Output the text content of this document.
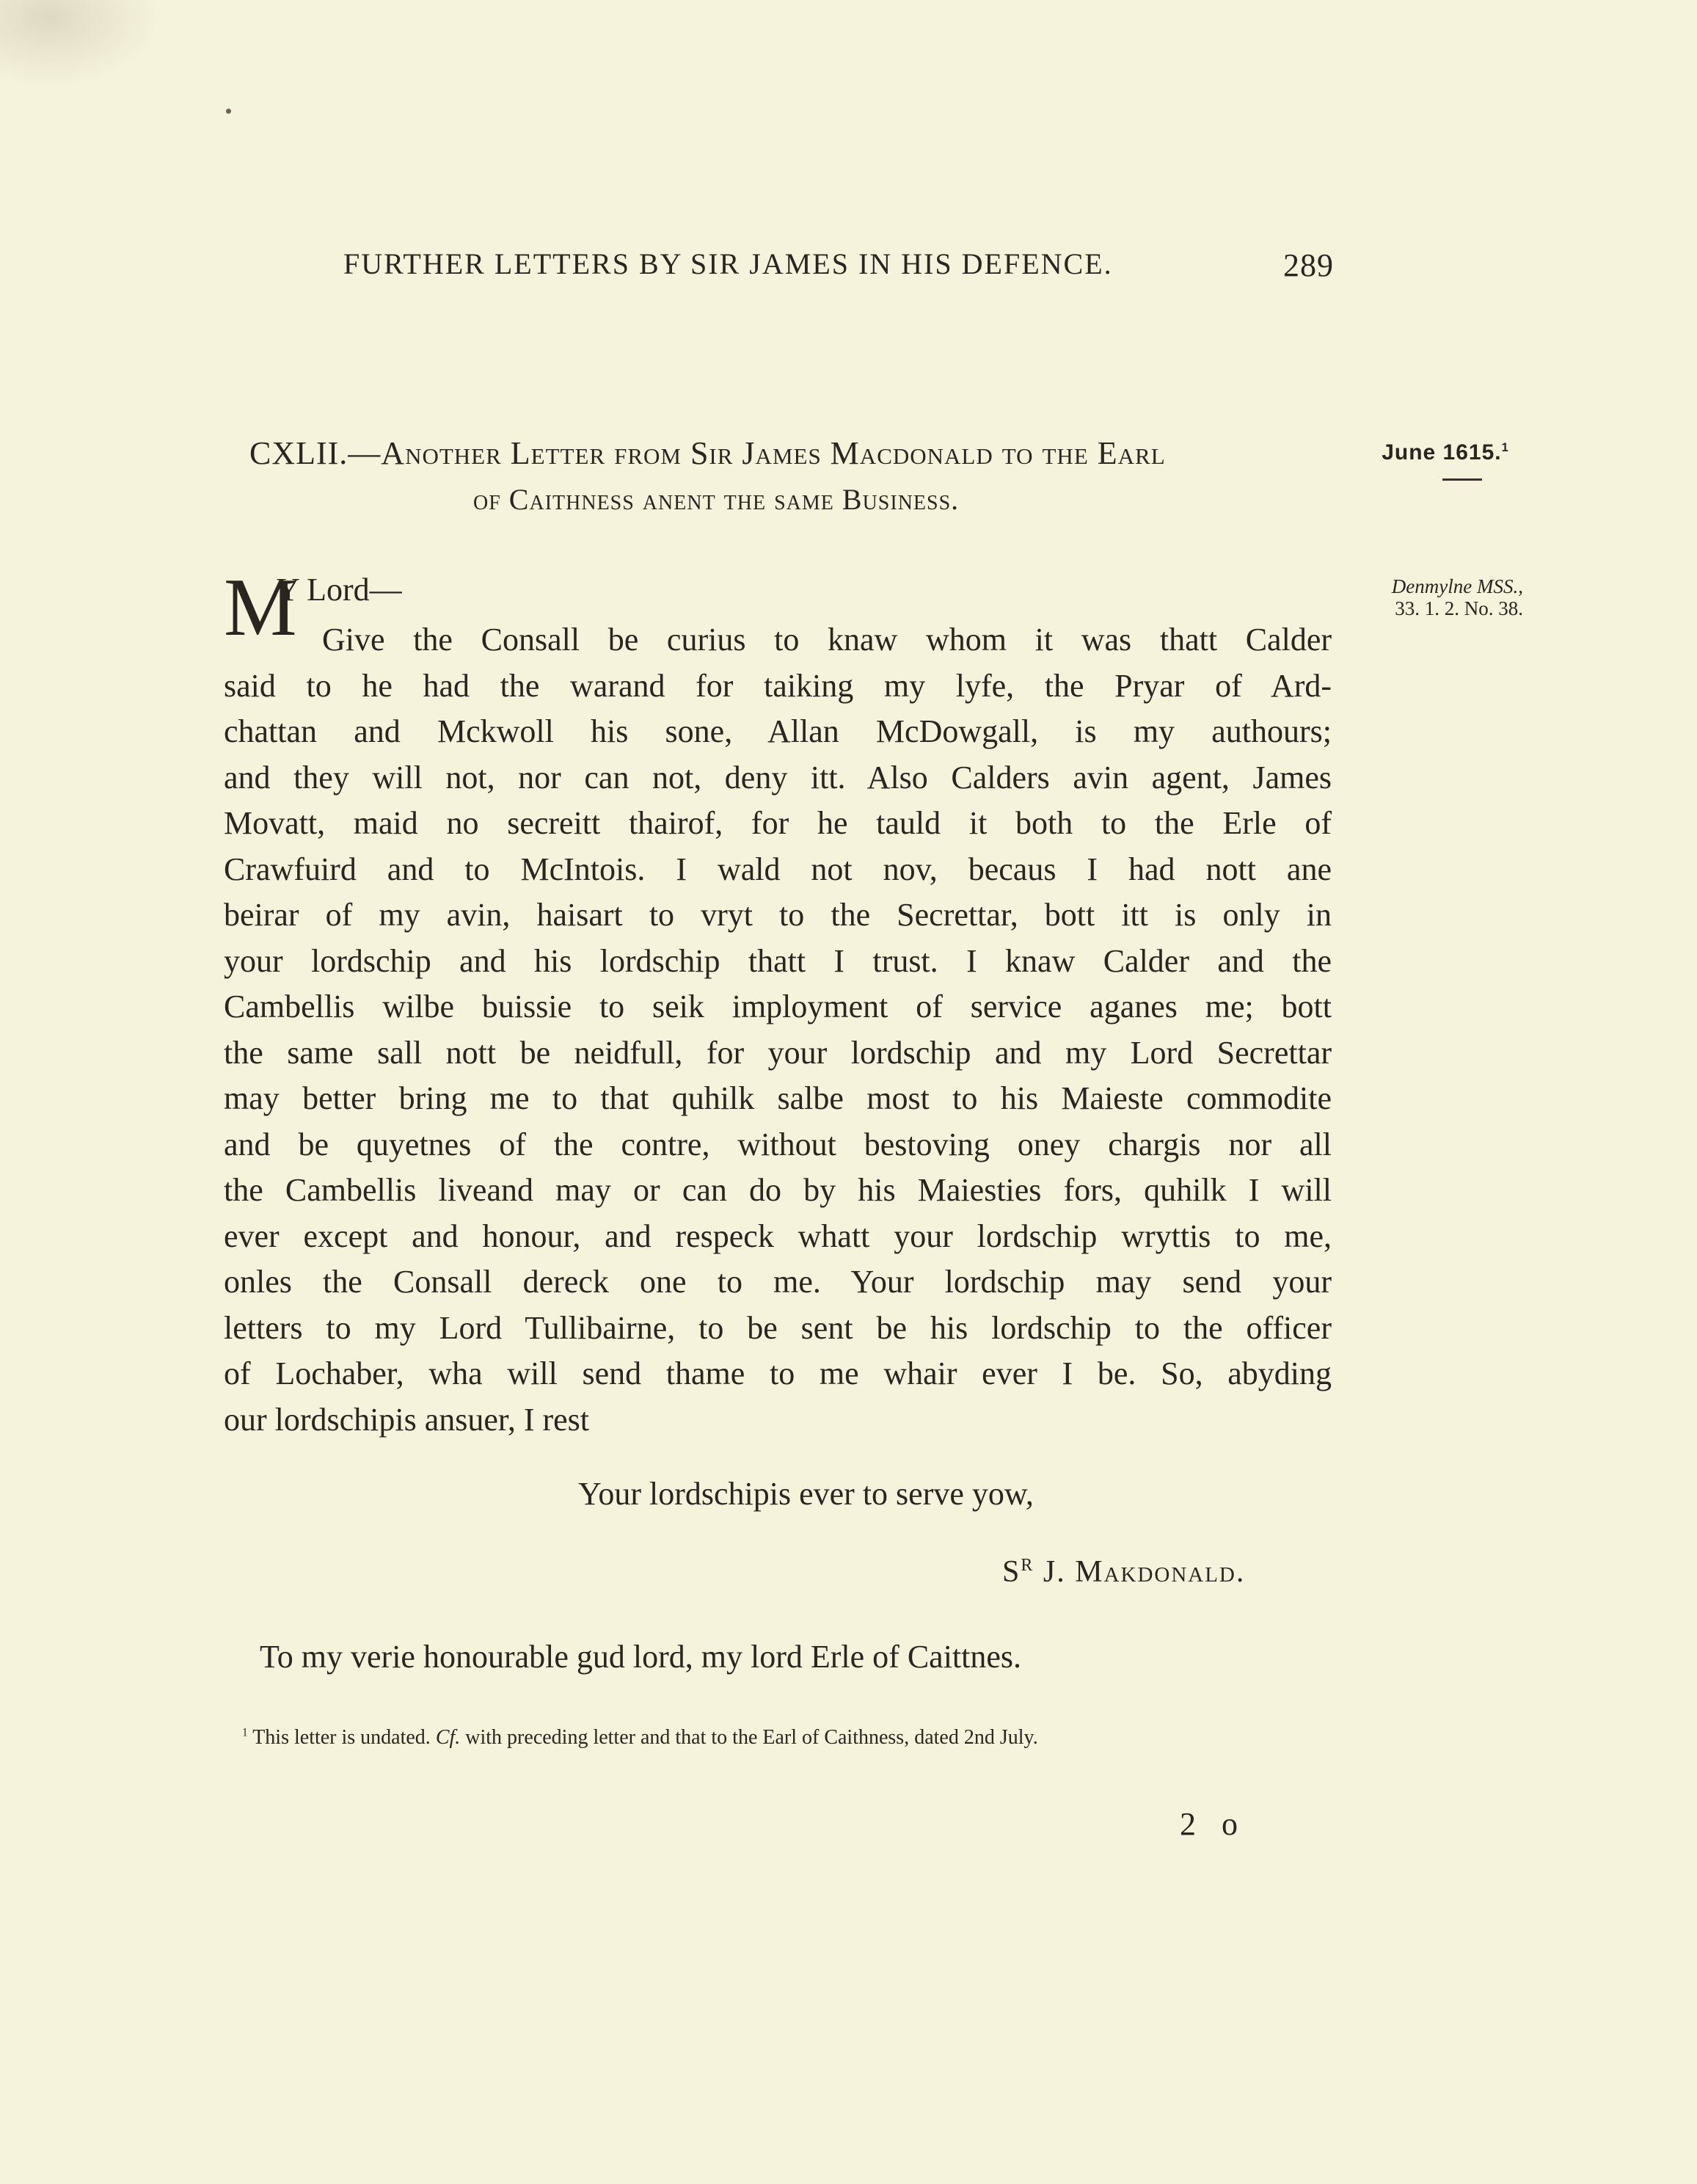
FURTHER LETTERS BY SIR JAMES IN HIS DEFENCE.	289
CXLII.—Another Letter from Sir James Macdonald to the Earl
of Caithness anent the same Business.
June 1615.$^1$
Denmylne MSS.,
33. 1. 2. No. 38.
M
Y Lord—
Give the Consall be curius to knaw whom it was thatt Calder
said to he had the warand for taiking my lyfe, the Pryar of Ard-
chattan and Mckwoll his sone, Allan McDowgall, is my authours;
and they will not, nor can not, deny itt. Also Calders avin agent, James
Movatt, maid no secreitt thairof, for he tauld it both to the Erle of
Crawfuird and to McIntois. I wald not nov, becaus I had nott ane
beirar of my avin, haisart to vryt to the Secrettar, bott itt is only in
your lordschip and his lordschip thatt I trust. I knaw Calder and the
Cambellis wilbe buissie to seik imployment of service aganes me; bott
the same sall nott be neidfull, for your lordschip and my Lord Secrettar
may better bring me to that quhilk salbe most to his Maieste commodite
and be quyetnes of the contre, without bestoving oney chargis nor all
the Cambellis liveand may or can do by his Maiesties fors, quhilk I will
ever except and honour, and respeck whatt your lordschip wryttis to me,
onles the Consall dereck one to me. Your lordschip may send your
letters to my Lord Tullibairne, to be sent be his lordschip to the officer
of Lochaber, wha will send thame to me whair ever I be. So, abyding
our lordschipis ansuer, I rest
Your lordschipis ever to serve yow,
$S^R$ J. Makdonald.
To my verie honourable gud lord, my lord Erle of Caittnes.
$^1$ This letter is undated. Cf. with preceding letter and that to the Earl of Caithness, dated 2nd July.
2 o
